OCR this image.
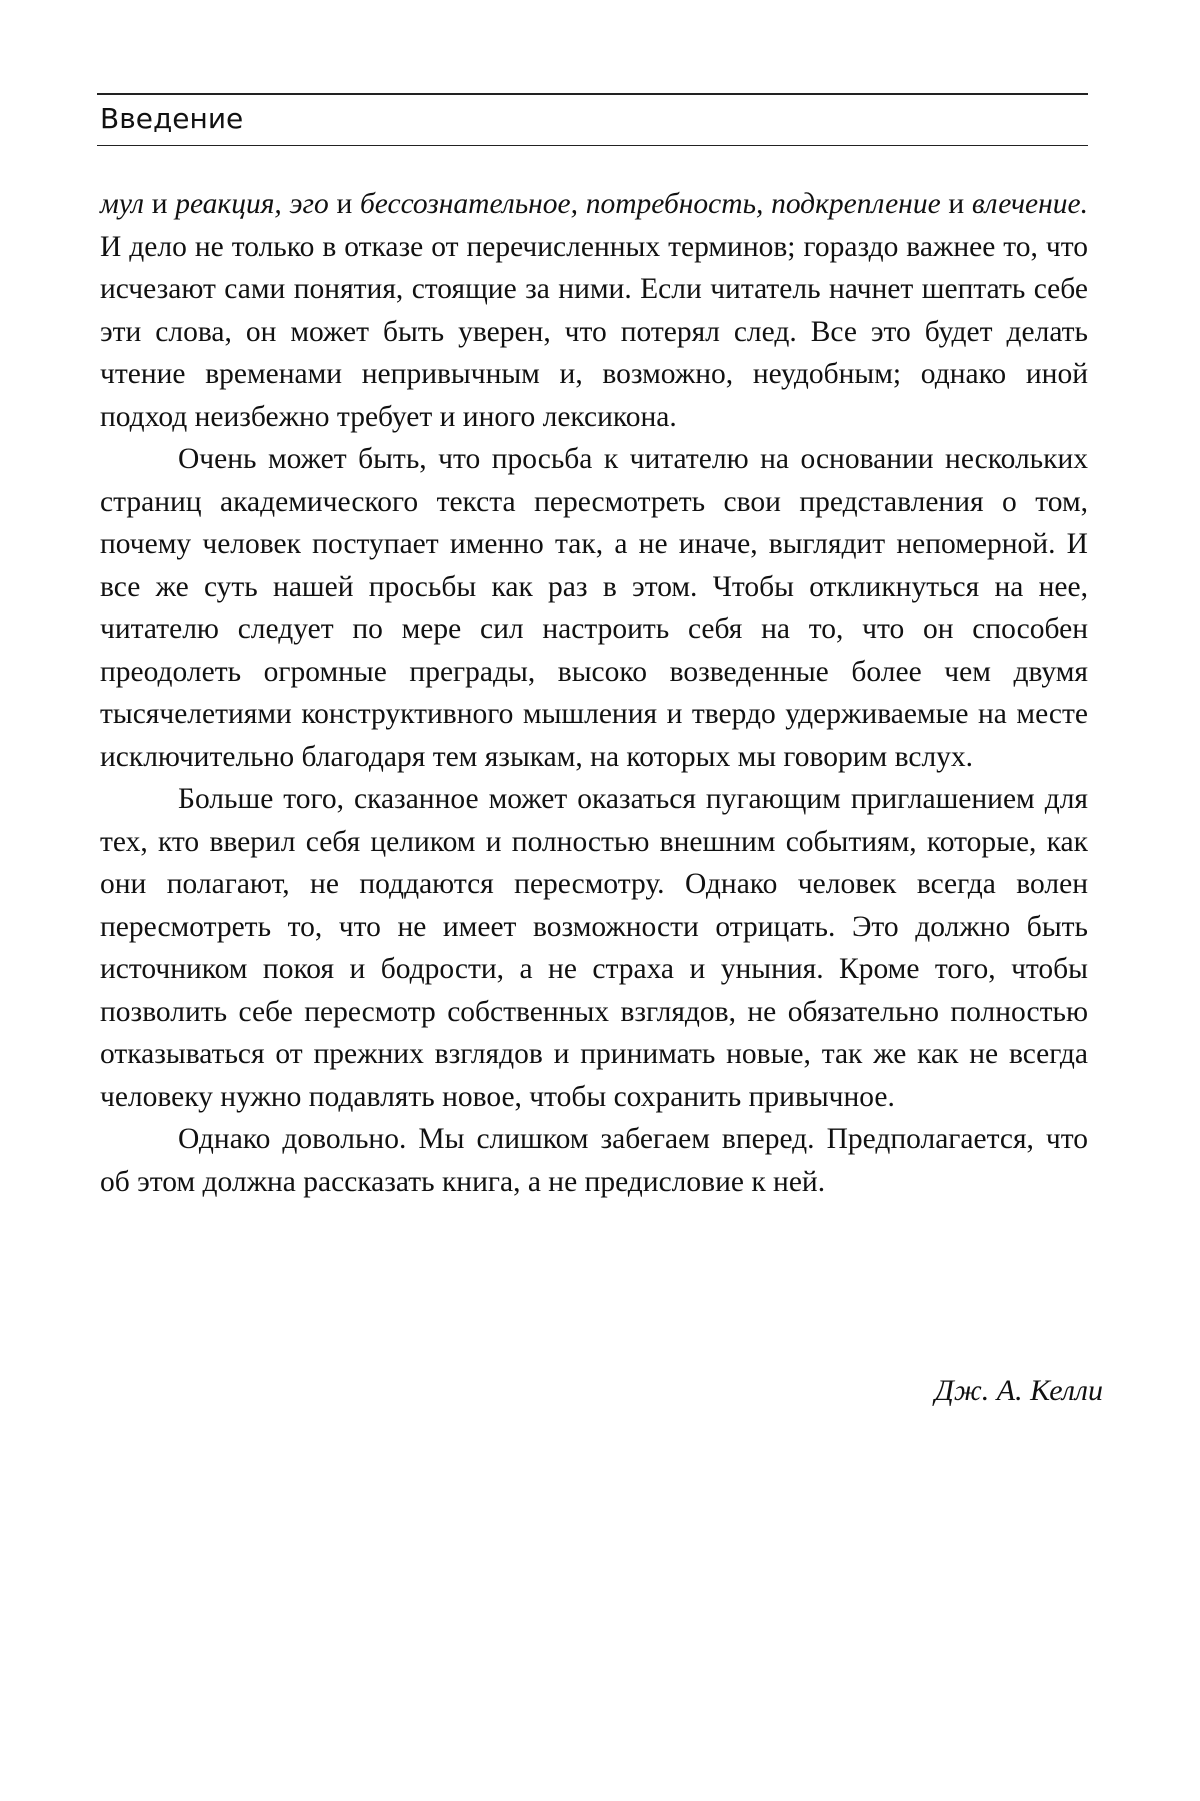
Введение

мул и реакция, эго и бессознательное, потребность, подкрепление и влечение. И дело не только в отказе от перечисленных терминов; гораздо важнее то, что исчезают сами понятия, стоящие за ними. Если читатель начнет шептать себе эти слова, он может быть уверен, что потерял след. Все это будет делать чтение временами непривычным и, возможно, неудобным; однако иной подход неизбежно требует и иного лексикона.

Очень может быть, что просьба к читателю на основании нескольких страниц академического текста пересмотреть свои представления о том, почему человек поступает именно так, а не иначе, выглядит непомерной. И все же суть нашей просьбы как раз в этом. Чтобы откликнуться на нее, читателю следует по мере сил настроить себя на то, что он способен преодолеть огромные преграды, высоко возведенные более чем двумя тысячелетиями конструктивного мышления и твердо удерживаемые на месте исключительно благодаря тем языкам, на которых мы говорим вслух.

Больше того, сказанное может оказаться пугающим приглашением для тех, кто вверил себя целиком и полностью внешним событиям, которые, как они полагают, не поддаются пересмотру. Однако человек всегда волен пересмотреть то, что не имеет возможности отрицать. Это должно быть источником покоя и бодрости, а не страха и уныния. Кроме того, чтобы позволить себе пересмотр собственных взглядов, не обязательно полностью отказываться от прежних взглядов и принимать новые, так же как не всегда человеку нужно подавлять новое, чтобы сохранить привычное.

Однако довольно. Мы слишком забегаем вперед. Предполагается, что об этом должна рассказать книга, а не предисловие к ней.

Дж. А. Келли
